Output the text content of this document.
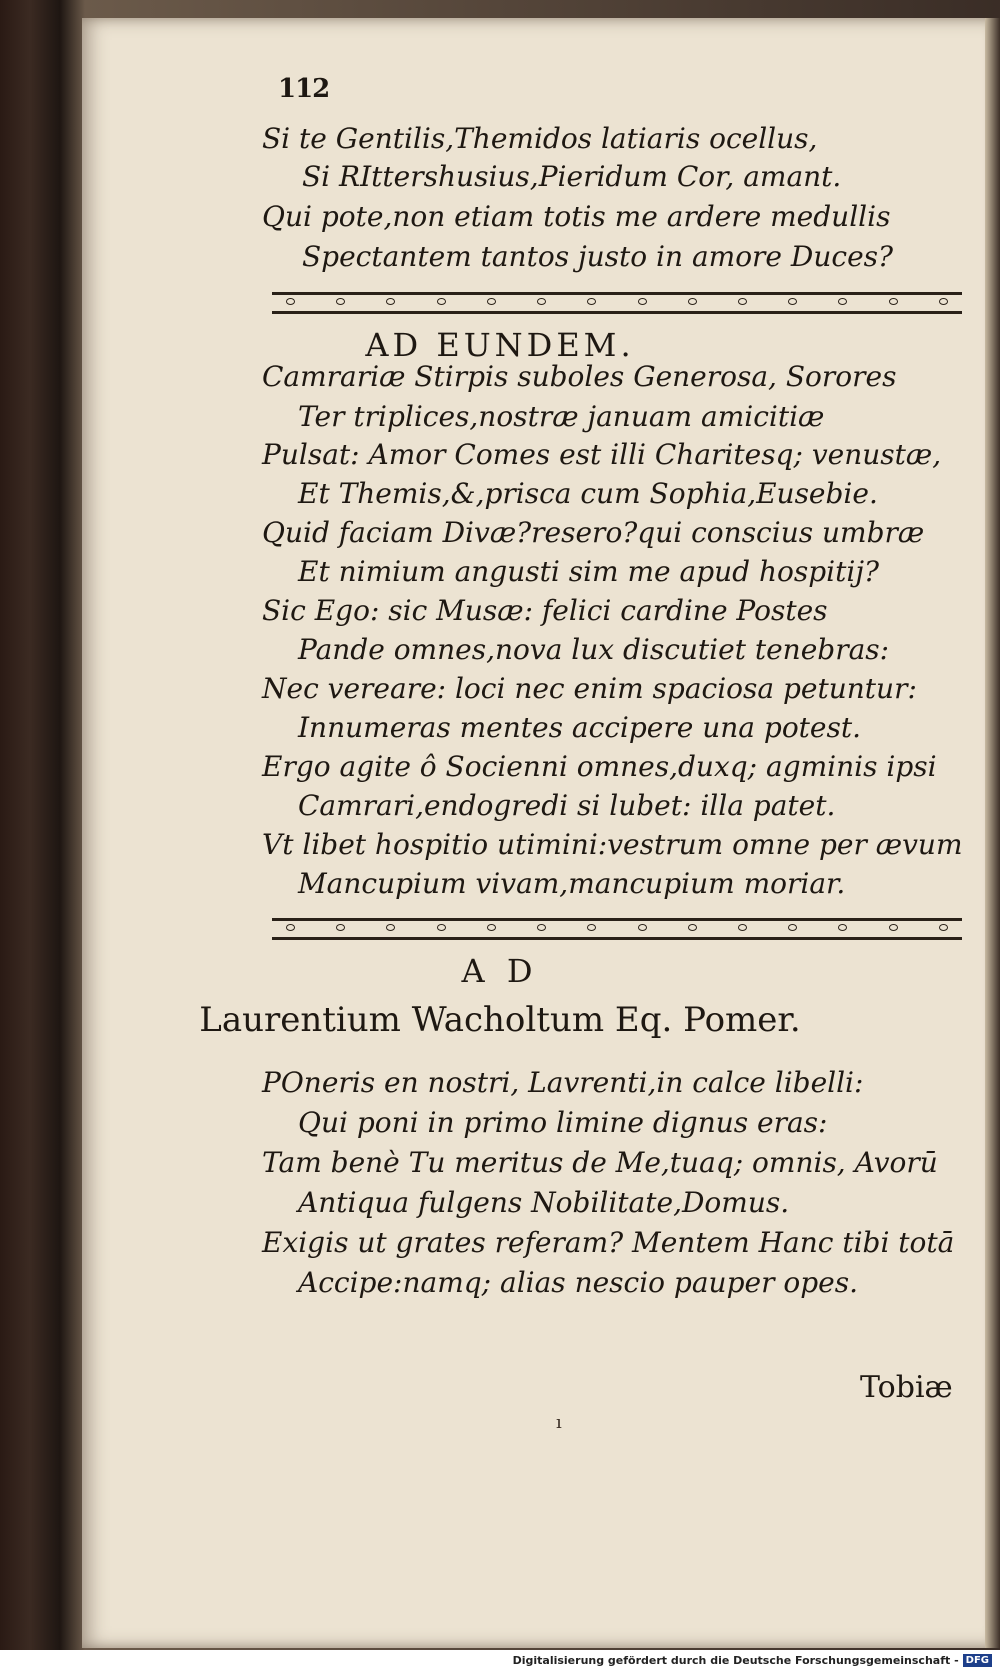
112
Si te Gentilis,Themidos latiaris ocellus,
Si RIttershusius,Pieridum Cor, amant.
Qui pote,non etiam totis me ardere medullis
Spectantem tantos justo in amore Duces?
AD EUNDEM.
Camrariæ Stirpis suboles Generosa, Sorores
Ter triplices,nostræ januam amicitiæ
Pulsat: Amor Comes est illi Charitesq; venustæ,
Et Themis,&,prisca cum Sophia,Eusebie.
Quid faciam Divæ?resero?qui conscius umbræ
Et nimium angusti sim me apud hospitij?
Sic Ego: sic Musæ: felici cardine Postes
Pande omnes,nova lux discutiet tenebras:
Nec vereare: loci nec enim spaciosa petuntur:
Innumeras mentes accipere una potest.
Ergo agite ô Socienni omnes,duxq; agminis ipsi
Camrari,endogredi si lubet: illa patet.
Vt libet hospitio utimini:vestrum omne per ævum
Mancupium vivam,mancupium moriar.
A D
Laurentium Wacholtum Eq. Pomer.
POneris en nostri, Lavrenti,in calce libelli:
Qui poni in primo limine dignus eras:
Tam benè Tu meritus de Me,tuaq; omnis, Avorū
Antiqua fulgens Nobilitate,Domus.
Exigis ut grates referam? Mentem Hanc tibi totā
Accipe:namq; alias nescio pauper opes.
Tobiæ
ı
Digitalisierung gefördert durch die Deutsche Forschungsgemeinschaft - DFG
